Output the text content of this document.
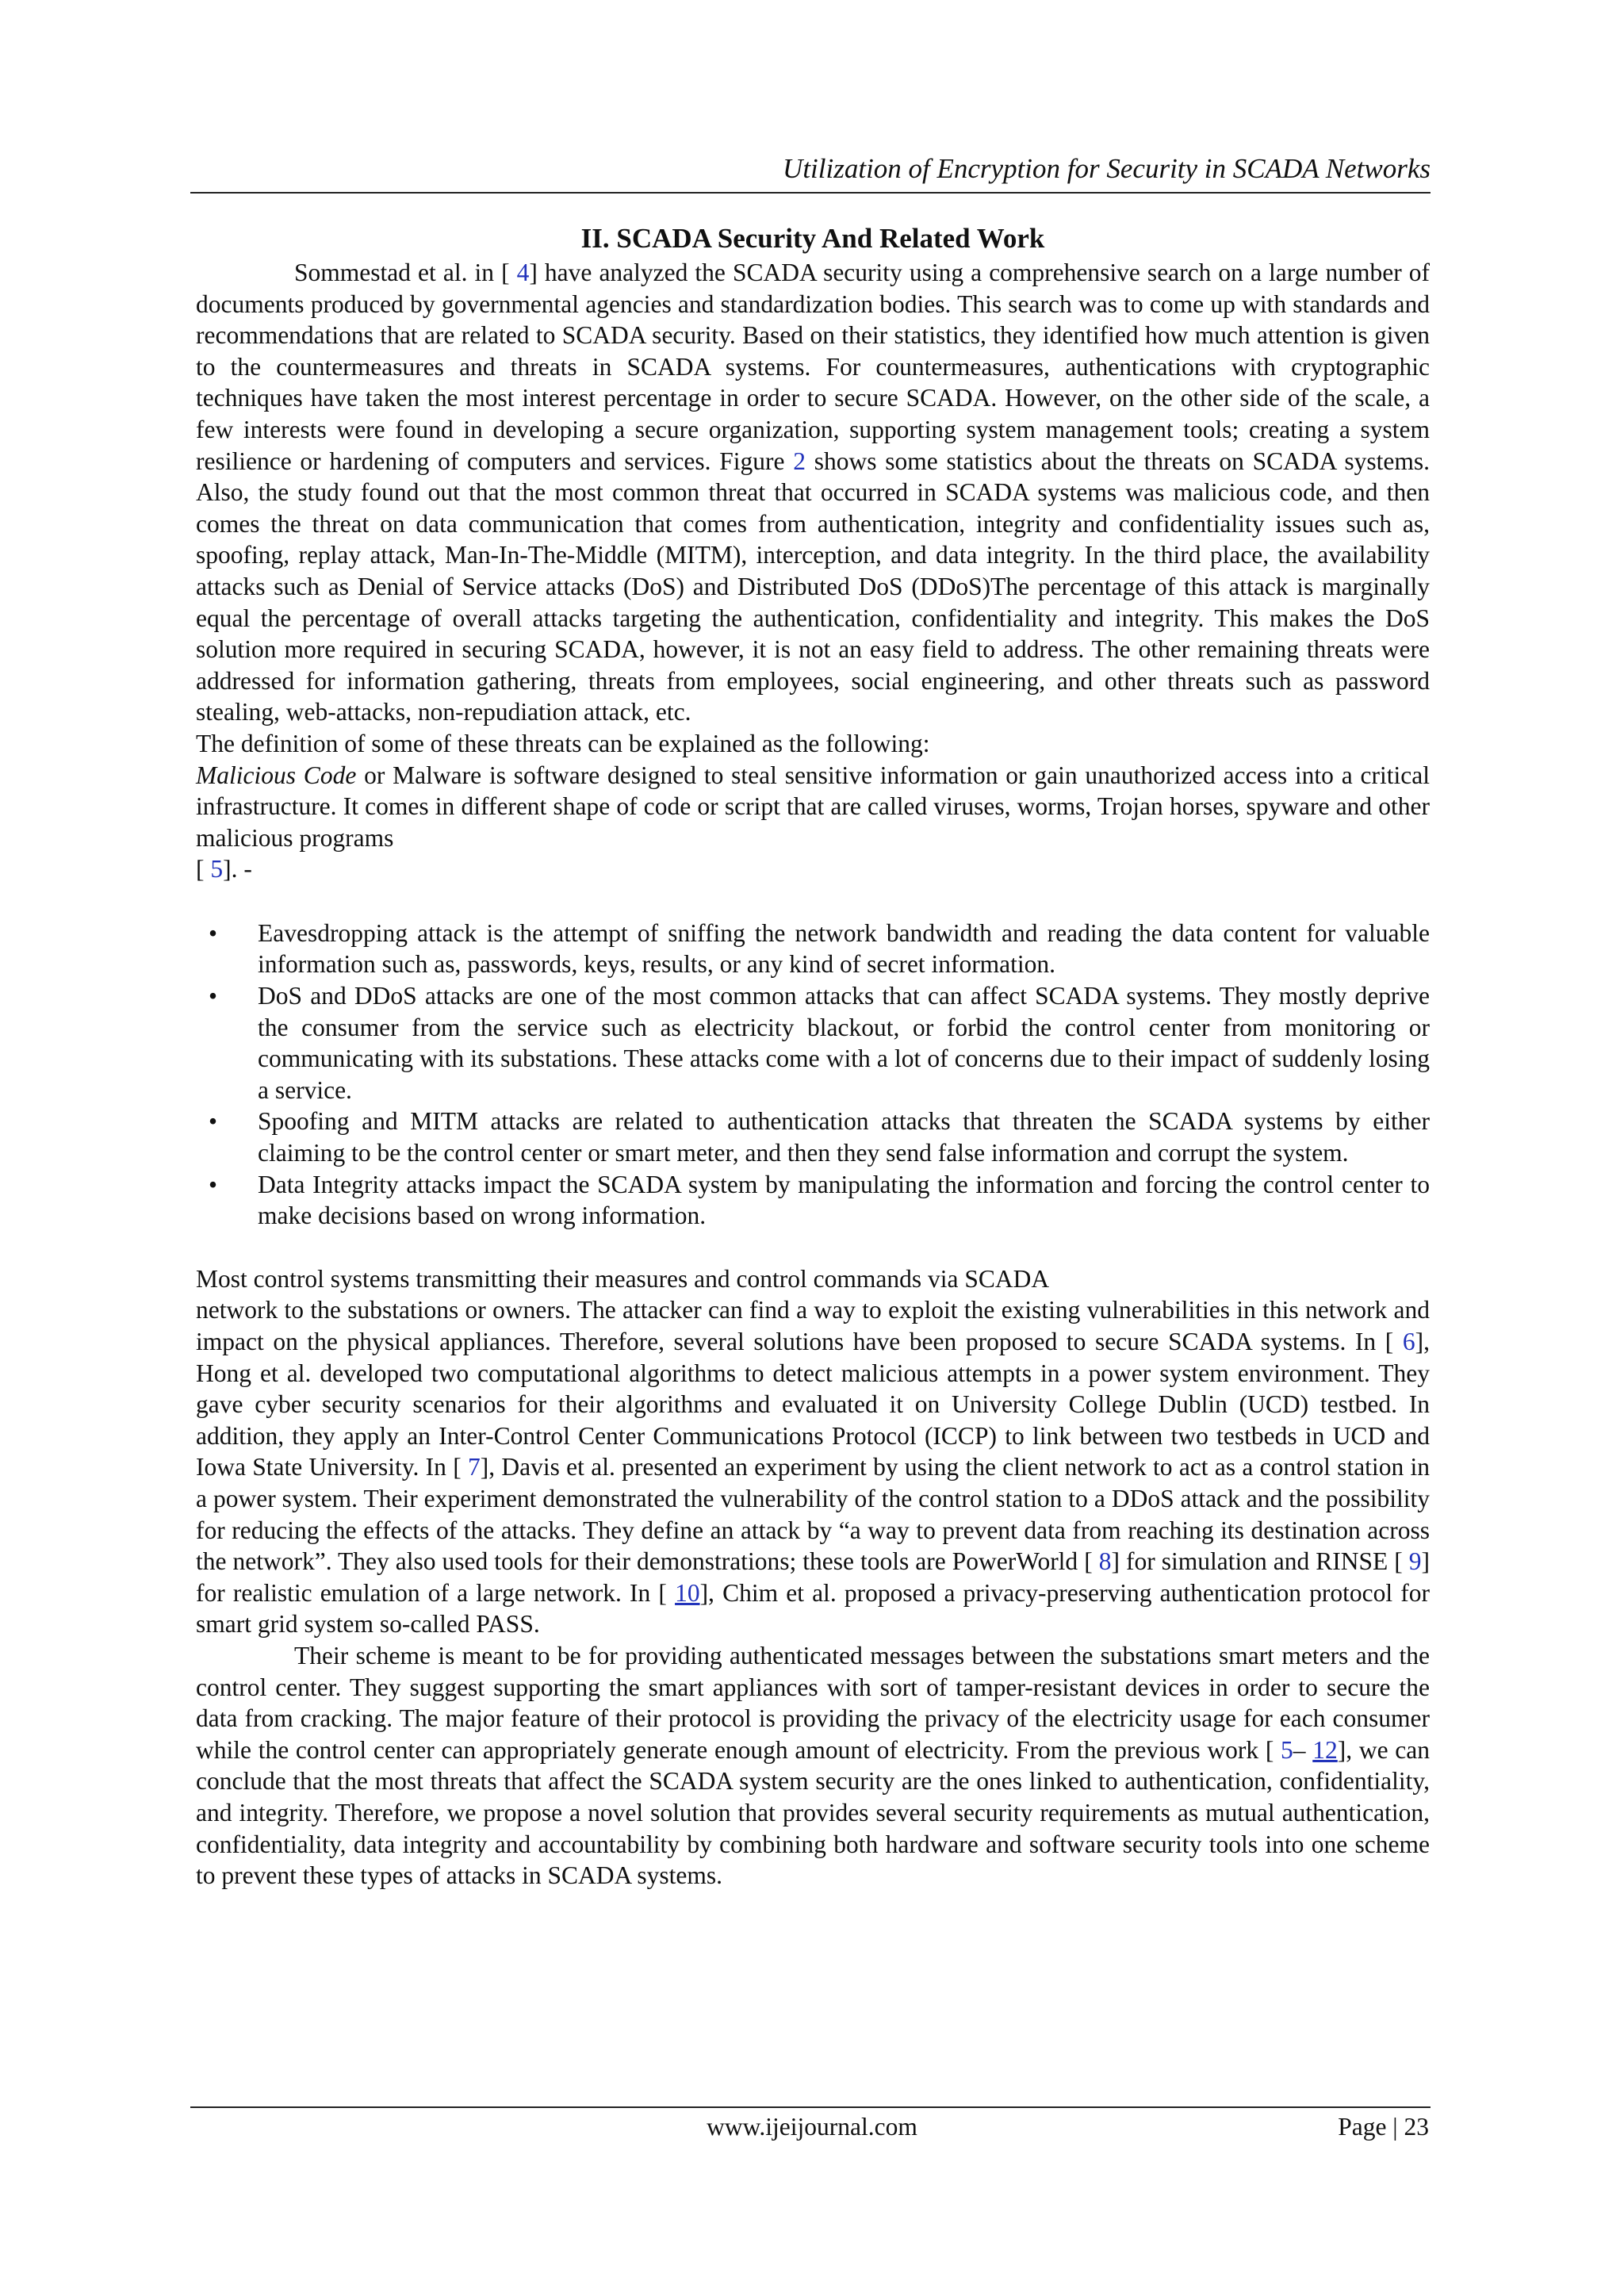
Utilization of Encryption for Security in SCADA Networks
II. SCADA Security And Related Work

Sommestad et al. in [ 4] have analyzed the SCADA security using a comprehensive search on a large number of documents produced by governmental agencies and standardization bodies. This search was to come up with standards and recommendations that are related to SCADA security. Based on their statistics, they identified how much attention is given to the countermeasures and threats in SCADA systems. For countermeasures, authentications with cryptographic techniques have taken the most interest percentage in order to secure SCADA. However, on the other side of the scale, a few interests were found in developing a secure organization, supporting system management tools; creating a system resilience or hardening of computers and services. Figure 2 shows some statistics about the threats on SCADA systems. Also, the study found out that the most common threat that occurred in SCADA systems was malicious code, and then comes the threat on data communication that comes from authentication, integrity and confidentiality issues such as, spoofing, replay attack, Man-In-The-Middle (MITM), interception, and data integrity. In the third place, the availability attacks such as Denial of Service attacks (DoS) and Distributed DoS (DDoS)The percentage of this attack is marginally equal the percentage of overall attacks targeting the authentication, confidentiality and integrity. This makes the DoS solution more required in securing SCADA, however, it is not an easy field to address. The other remaining threats were addressed for information gathering, threats from employees, social engineering, and other threats such as password stealing, web-attacks, non-repudiation attack, etc.

The definition of some of these threats can be explained as the following:

Malicious Code or Malware is software designed to steal sensitive information or gain unauthorized access into a critical infrastructure. It comes in different shape of code or script that are called viruses, worms, Trojan horses, spyware and other malicious programs

[ 5]. -

• Eavesdropping attack is the attempt of sniffing the network bandwidth and reading the data content for valuable information such as, passwords, keys, results, or any kind of secret information.
• DoS and DDoS attacks are one of the most common attacks that can affect SCADA systems. They mostly deprive the consumer from the service such as electricity blackout, or forbid the control center from monitoring or communicating with its substations. These attacks come with a lot of concerns due to their impact of suddenly losing a service.
• Spoofing and MITM attacks are related to authentication attacks that threaten the SCADA systems by either claiming to be the control center or smart meter, and then they send false information and corrupt the system.
• Data Integrity attacks impact the SCADA system by manipulating the information and forcing the control center to make decisions based on wrong information.

Most control systems transmitting their measures and control commands via SCADA

network to the substations or owners. The attacker can find a way to exploit the existing vulnerabilities in this network and impact on the physical appliances. Therefore, several solutions have been proposed to secure SCADA systems. In [ 6], Hong et al. developed two computational algorithms to detect malicious attempts in a power system environment. They gave cyber security scenarios for their algorithms and evaluated it on University College Dublin (UCD) testbed. In addition, they apply an Inter-Control Center Communications Protocol (ICCP) to link between two testbeds in UCD and Iowa State University. In [ 7], Davis et al. presented an experiment by using the client network to act as a control station in a power system. Their experiment demonstrated the vulnerability of the control station to a DDoS attack and the possibility for reducing the effects of the attacks. They define an attack by “a way to prevent data from reaching its destination across the network”. They also used tools for their demonstrations; these tools are PowerWorld [ 8] for simulation and RINSE [ 9] for realistic emulation of a large network. In [ 10], Chim et al. proposed a privacy-preserving authentication protocol for smart grid system so-called PASS.

Their scheme is meant to be for providing authenticated messages between the substations smart meters and the control center. They suggest supporting the smart appliances with sort of tamper-resistant devices in order to secure the data from cracking. The major feature of their protocol is providing the privacy of the electricity usage for each consumer while the control center can appropriately generate enough amount of electricity. From the previous work [ 5– 12], we can conclude that the most threats that affect the SCADA system security are the ones linked to authentication, confidentiality, and integrity. Therefore, we propose a novel solution that provides several security requirements as mutual authentication, confidentiality, data integrity and accountability by combining both hardware and software security tools into one scheme to prevent these types of attacks in SCADA systems.

www.ijeijournal.com	Page | 23
